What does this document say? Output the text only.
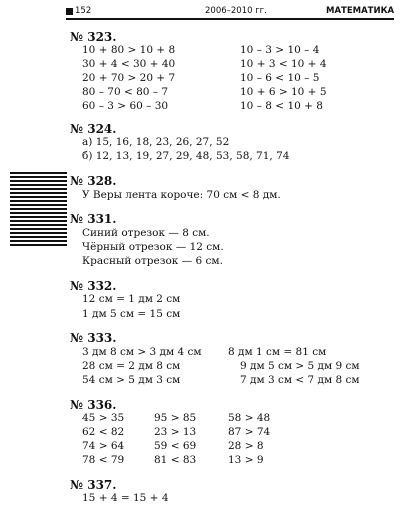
152	2006–2010 гг.	МАТЕМАТИКА
№ 323.
10 + 80 > 10 + 8
30 + 4 < 30 + 40
20 + 70 > 20 + 7
80 – 70 < 80 – 7
60 – 3 > 60 – 30
10 – 3 > 10 – 4
10 + 3 < 10 + 4
10 – 6 < 10 – 5
10 + 6 > 10 + 5
10 – 8 < 10 + 8
№ 324.
а) 15, 16, 18, 23, 26, 27, 52
б) 12, 13, 19, 27, 29, 48, 53, 58, 71, 74
№ 328.
У Веры лента короче: 70 см < 8 дм.
№ 331.
Синий отрезок — 8 см.
Чёрный отрезок — 12 см.
Красный отрезок — 6 см.
№ 332.
12 см = 1 дм 2 см
1 дм 5 см = 15 см
№ 333.
3 дм 8 см > 3 дм 4 см
28 см = 2 дм 8 см
54 см > 5 дм 3 см
8 дм 1 см = 81 см
9 дм 5 см > 5 дм 9 см
7 дм 3 см < 7 дм 8 см
№ 336.
45 > 35
62 < 82
74 > 64
78 < 79
95 > 85
23 > 13
59 < 69
81 < 83
58 > 48
87 > 74
28 > 8
13 > 9
№ 337.
15 + 4 = 15 + 4
